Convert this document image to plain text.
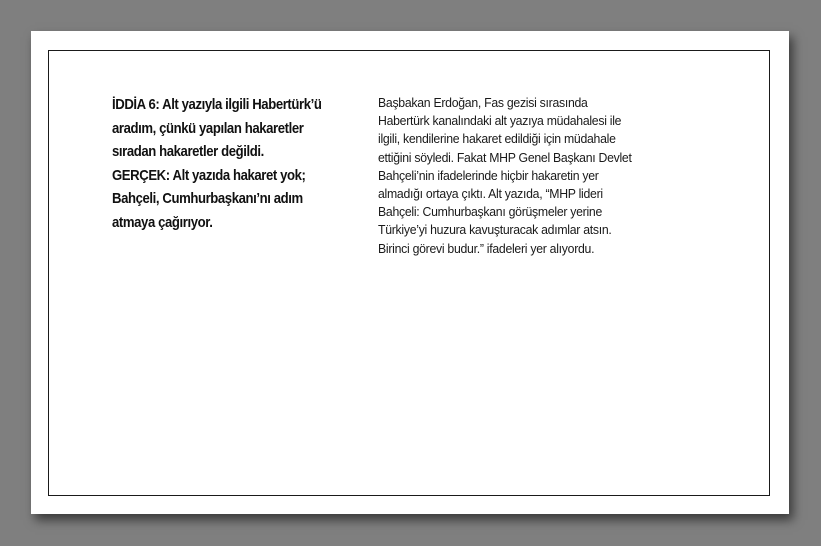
İDDİA 6: Alt yazıyla ilgili Habertürk’ü
aradım, çünkü yapılan hakaretler
sıradan hakaretler değildi.
GERÇEK: Alt yazıda hakaret yok;
Bahçeli, Cumhurbaşkanı’nı adım
atmaya çağırıyor.
Başbakan Erdoğan, Fas gezisi sırasında
Habertürk kanalındaki alt yazıya müdahalesi ile
ilgili, kendilerine hakaret edildiği için müdahale
ettiğini söyledi. Fakat MHP Genel Başkanı Devlet
Bahçeli’nin ifadelerinde hiçbir hakaretin yer
almadığı ortaya çıktı. Alt yazıda, “MHP lideri
Bahçeli: Cumhurbaşkanı görüşmeler yerine
Türkiye’yi huzura kavuşturacak adımlar atsın.
Birinci görevi budur.” ifadeleri yer alıyordu.
